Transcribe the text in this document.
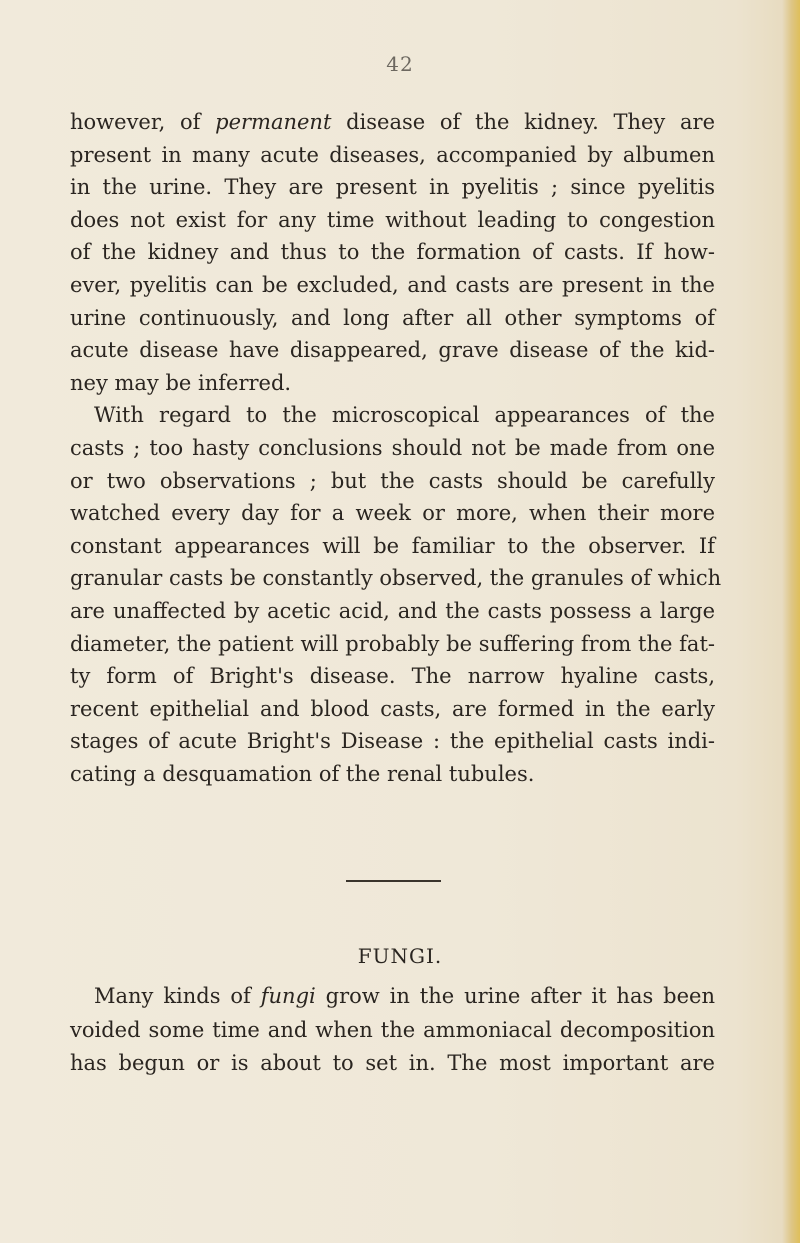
42
however, of permanent disease of the kidney. They are
present in many acute diseases, accompanied by albumen
in the urine. They are present in pyelitis ; since pyelitis
does not exist for any time without leading to congestion
of the kidney and thus to the formation of casts. If how-
ever, pyelitis can be excluded, and casts are present in the
urine continuously, and long after all other symptoms of
acute disease have disappeared, grave disease of the kid-
ney may be inferred.
With regard to the microscopical appearances of the
casts ; too hasty conclusions should not be made from one
or two observations ; but the casts should be carefully
watched every day for a week or more, when their more
constant appearances will be familiar to the observer. If
granular casts be constantly observed, the granules of which
are unaffected by acetic acid, and the casts possess a large
diameter, the patient will probably be suffering from the fat-
ty form of Bright's disease. The narrow hyaline casts,
recent epithelial and blood casts, are formed in the early
stages of acute Bright's Disease : the epithelial casts indi-
cating a desquamation of the renal tubules.
FUNGI.
Many kinds of fungi grow in the urine after it has been
voided some time and when the ammoniacal decomposition
has begun or is about to set in. The most important are
